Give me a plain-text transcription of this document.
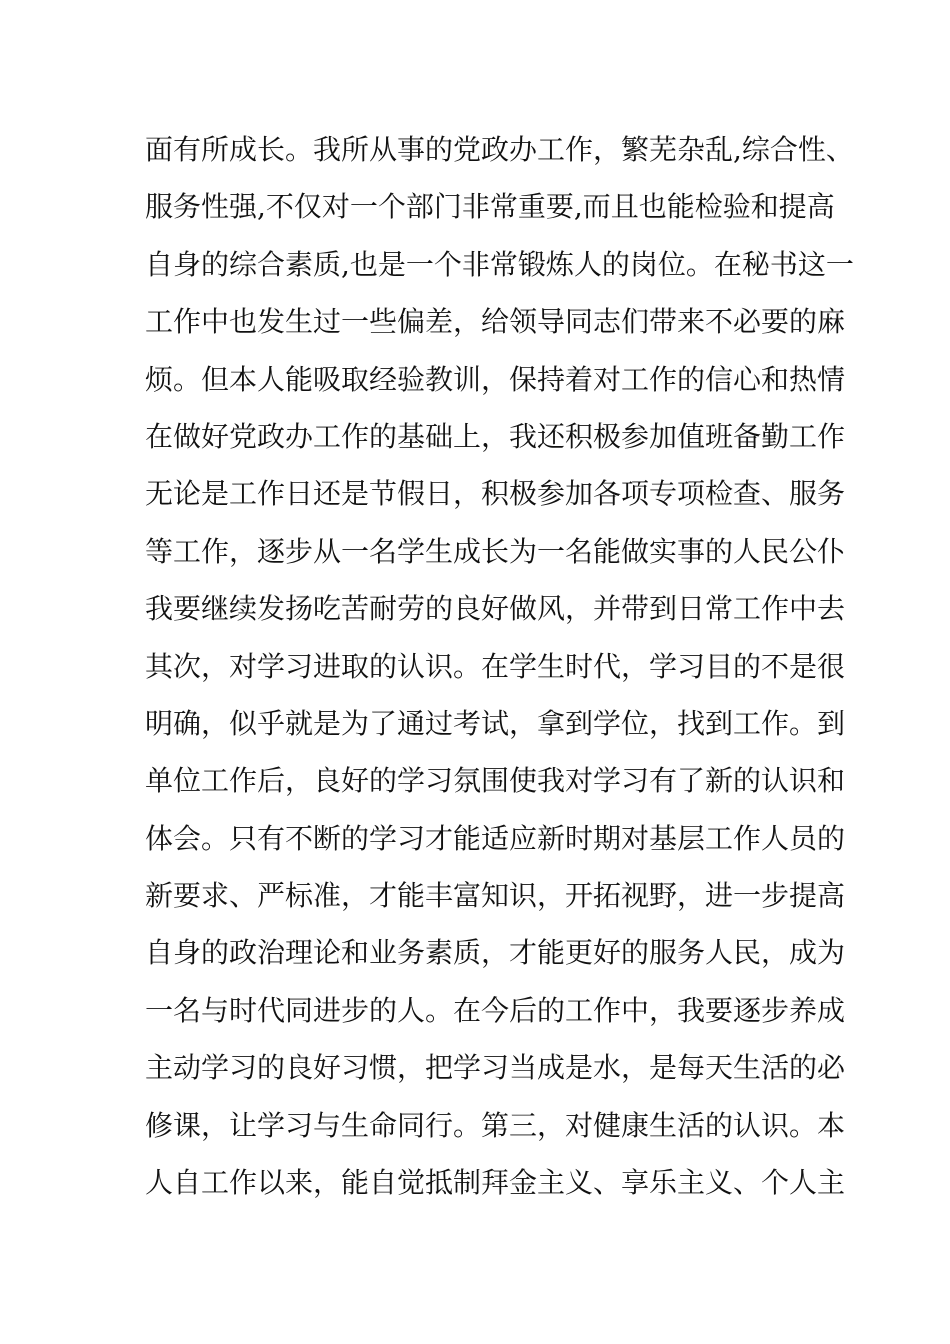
面有所成长。我所从事的党政办工作，繁芜杂乱,综合性、
服务性强,不仅对一个部门非常重要,而且也能检验和提高
自身的综合素质,也是一个非常锻炼人的岗位。在秘书这一
工作中也发生过一些偏差，给领导同志们带来不必要的麻
烦。但本人能吸取经验教训，保持着对工作的信心和热情
在做好党政办工作的基础上，我还积极参加值班备勤工作
无论是工作日还是节假日，积极参加各项专项检查、服务
等工作，逐步从一名学生成长为一名能做实事的人民公仆
我要继续发扬吃苦耐劳的良好做风，并带到日常工作中去
其次，对学习进取的认识。在学生时代，学习目的不是很
明确，似乎就是为了通过考试，拿到学位，找到工作。到
单位工作后，良好的学习氛围使我对学习有了新的认识和
体会。只有不断的学习才能适应新时期对基层工作人员的
新要求、严标准，才能丰富知识，开拓视野，进一步提高
自身的政治理论和业务素质，才能更好的服务人民，成为
一名与时代同进步的人。在今后的工作中，我要逐步养成
主动学习的良好习惯，把学习当成是水，是每天生活的必
修课，让学习与生命同行。第三，对健康生活的认识。本
人自工作以来，能自觉抵制拜金主义、享乐主义、个人主
